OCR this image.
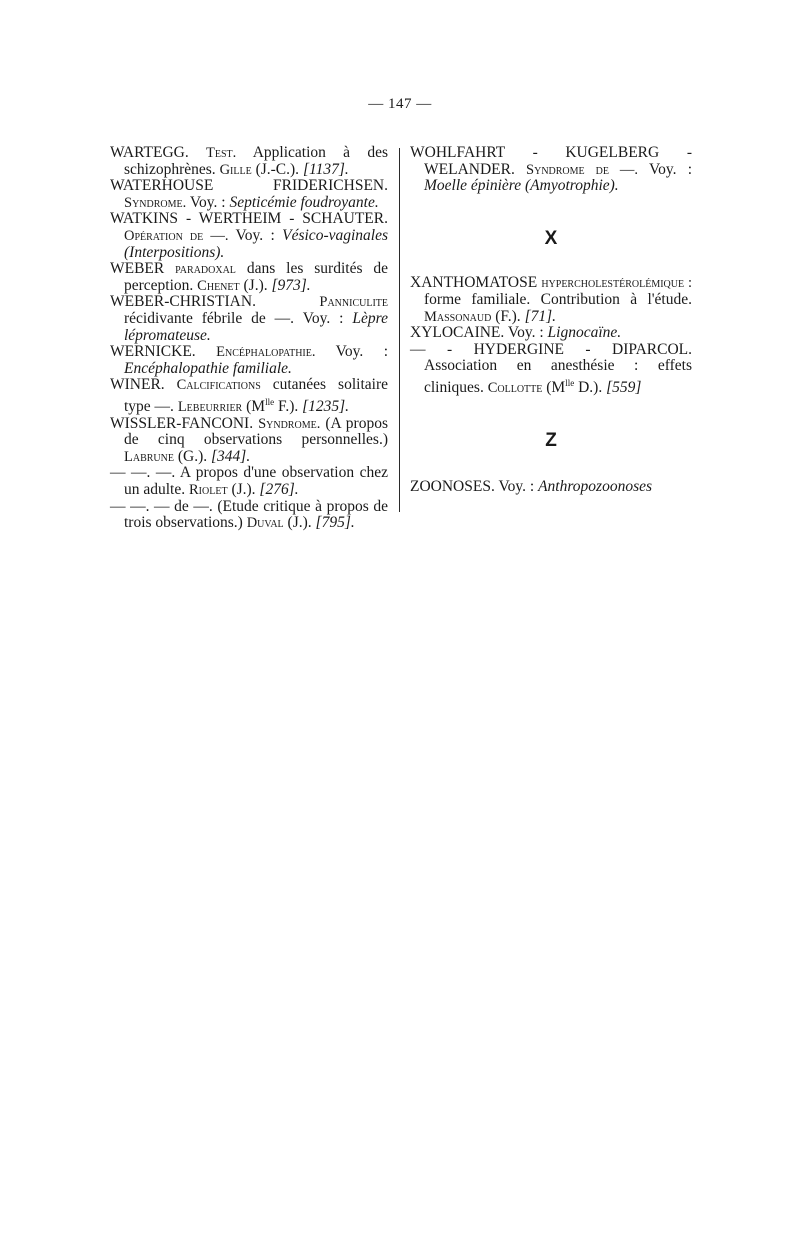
— 147 —
WARTEGG. Test. Application à des schizophrènes. Gille (J.-C.). [1137].
WATERHOUSE FRIDERICHSEN. Syndrome. Voy. : Septicémie foudroyante.
WATKINS - WERTHEIM - SCHAUTER. Opération de —. Voy. : Vésico-vaginales (Interpositions).
WEBER paradoxal dans les surdités de perception. Chenet (J.). [973].
WEBER-CHRISTIAN.	Panniculite récidivante fébrile de —. Voy. : Lèpre lépromateuse.
WERNICKE. Encéphalopathie. Voy. : Encéphalopathie familiale.
WINER. Calcifications cutanées solitaire type —. Lebeurrier ($M^{lle}$ F.). [1235].
WISSLER-FANCONI. Syndrome. (A propos de cinq observations personnelles.) Labrune (G.). [344].
— —. —. A propos d'une observation chez un adulte. Riolet (J.). [276].
— —. — de —. (Etude critique à propos de trois observations.) Duval (J.). [795].
WOHLFAHRT - KUGELBERG - WELANDER. Syndrome de —. Voy. : Moelle épinière (Amyotrophie).
X
XANTHOMATOSE hypercholestérolémique : forme familiale. Contribution à l'étude. Massonaud (F.). [71].
XYLOCAINE. Voy. : Lignocaïne.
— - HYDERGINE - DIPARCOL. Association en anesthésie : effets cliniques. Collotte ($M^{lle}$ D.). [559]
Z
ZOONOSES. Voy. : Anthropozoonoses
